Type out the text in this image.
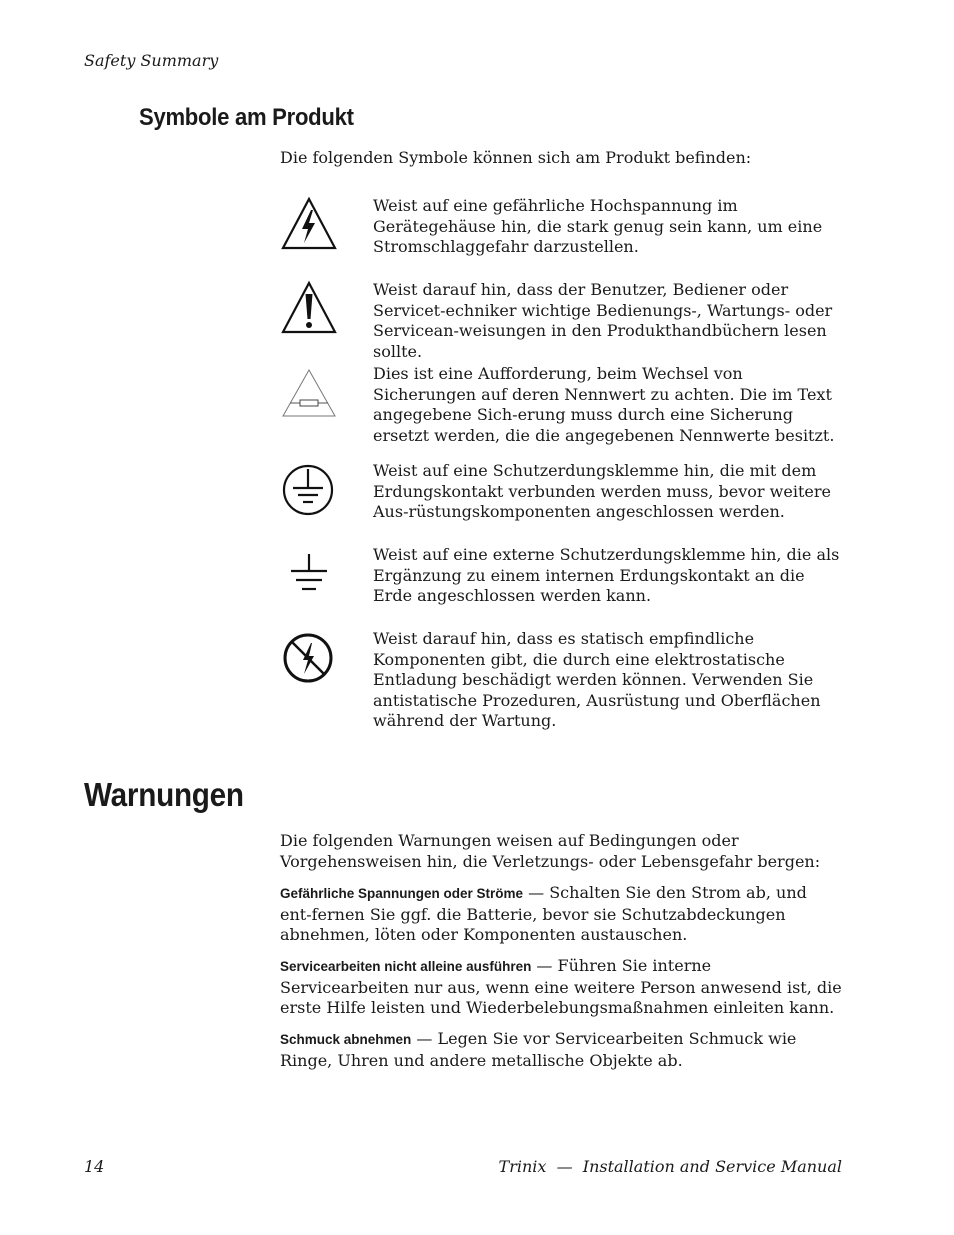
Safety Summary
Symbole am Produkt
Die folgenden Symbole können sich am Produkt befinden:
Weist auf eine gefährliche Hochspannung im Gerätegehäuse hin, die stark genug sein kann, um eine Stromschlaggefahr darzustellen.
Weist darauf hin, dass der Benutzer, Bediener oder Servicet-echniker wichtige Bedienungs-, Wartungs- oder Servicean-weisungen in den Produkthandbüchern lesen sollte.
Dies ist eine Aufforderung, beim Wechsel von Sicherungen auf deren Nennwert zu achten. Die im Text angegebene Sich-erung muss durch eine Sicherung ersetzt werden, die die angegebenen Nennwerte besitzt.
Weist auf eine Schutzerdungsklemme hin, die mit dem Erdungskontakt verbunden werden muss, bevor weitere Aus-rüstungskomponenten angeschlossen werden.
Weist auf eine externe Schutzerdungsklemme hin, die als Ergänzung zu einem internen Erdungskontakt an die Erde angeschlossen werden kann.
Weist darauf hin, dass es statisch empfindliche Komponenten gibt, die durch eine elektrostatische Entladung beschädigt werden können. Verwenden Sie antistatische Prozeduren, Ausrüstung und Oberflächen während der Wartung.
Warnungen
Die folgenden Warnungen weisen auf Bedingungen oder Vorgehensweisen hin, die Verletzungs- oder Lebensgefahr bergen:
Gefährliche Spannungen oder Ströme — Schalten Sie den Strom ab, und ent-fernen Sie ggf. die Batterie, bevor sie Schutzabdeckungen abnehmen, löten oder Komponenten austauschen.
Servicearbeiten nicht alleine ausführen — Führen Sie interne Servicearbeiten nur aus, wenn eine weitere Person anwesend ist, die erste Hilfe leisten und Wiederbelebungsmaßnahmen einleiten kann.
Schmuck abnehmen — Legen Sie vor Servicearbeiten Schmuck wie Ringe, Uhren und andere metallische Objekte ab.
14	Trinix  —  Installation and Service Manual
